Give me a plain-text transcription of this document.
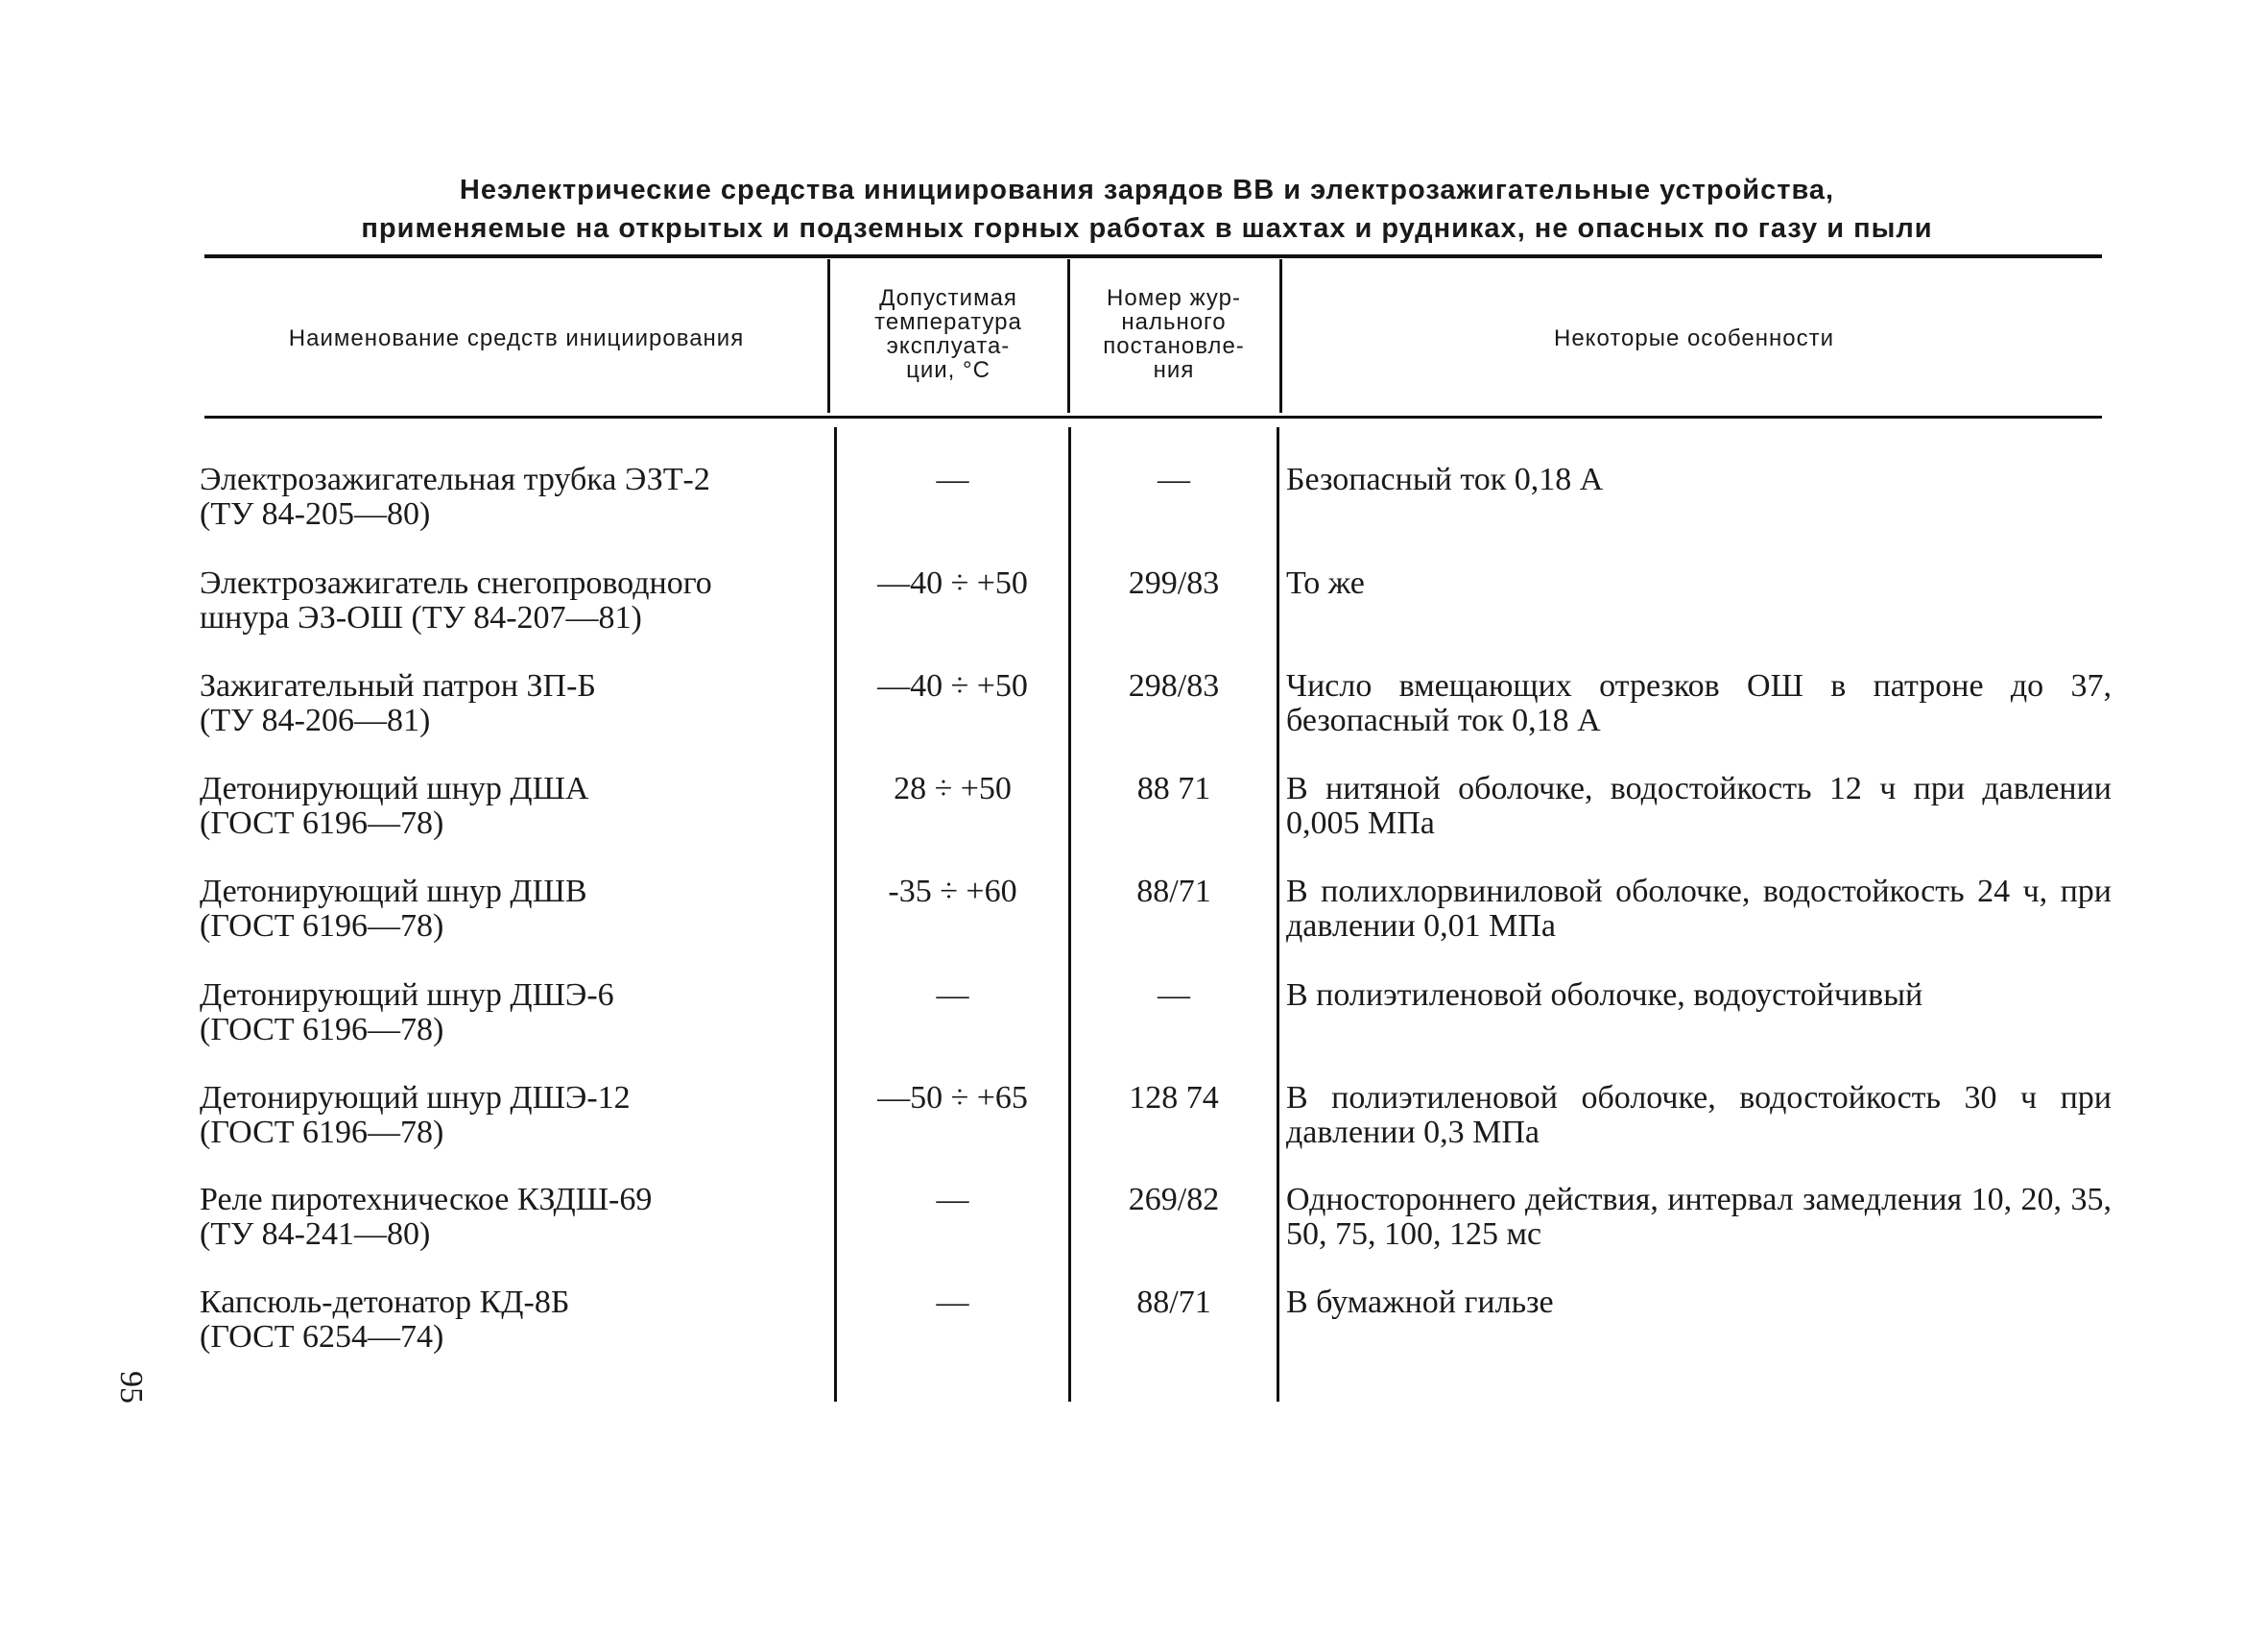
Неэлектрические средства инициирования зарядов ВВ и электрозажигательные устройства,
применяемые на открытых и подземных горных работах в шахтах и рудниках, не опасных по газу и пыли
Наименование средств инициирования
Допустимая
температура
эксплуата-
ции, °С
Номер жур-
нального
постановле-
ния
Некоторые особенности
Электрозажигательная трубка ЭЗТ-2
(ТУ 84-205—80)
—	—	Безопасный ток 0,18 А
Электрозажигатель снегопроводного
шнура ЭЗ-ОШ (ТУ 84-207—81)
—40 ÷ +50	299/83	То же
Зажигательный патрон ЗП-Б
(ТУ 84-206—81)
—40 ÷ +50	298/83	Число вмещающих отрезков ОШ в патроне до 37, безопасный ток 0,18 А
Детонирующий шнур ДША
(ГОСТ 6196—78)
28 ÷ +50	88 71	В нитяной оболочке, водостойкость 12 ч при давлении 0,005 МПа
Детонирующий шнур ДШВ
(ГОСТ 6196—78)
-35 ÷ +60	88/71	В полихлорвиниловой оболочке, водостойкость 24 ч, при давлении 0,01 МПа
Детонирующий шнур ДШЭ-6
(ГОСТ 6196—78)
—	—	В полиэтиленовой оболочке, водоустойчивый
Детонирующий шнур ДШЭ-12
(ГОСТ 6196—78)
—50 ÷ +65	128 74	В полиэтиленовой оболочке, водостойкость 30 ч при давлении 0,3 МПа
Реле пиротехническое КЗДШ-69
(ТУ 84-241—80)
—	269/82	Одностороннего действия, интервал замедления 10, 20, 35, 50, 75, 100, 125 мс
Капсюль-детонатор КД-8Б
(ГОСТ 6254—74)
—	88/71	В бумажной гильзе
95
